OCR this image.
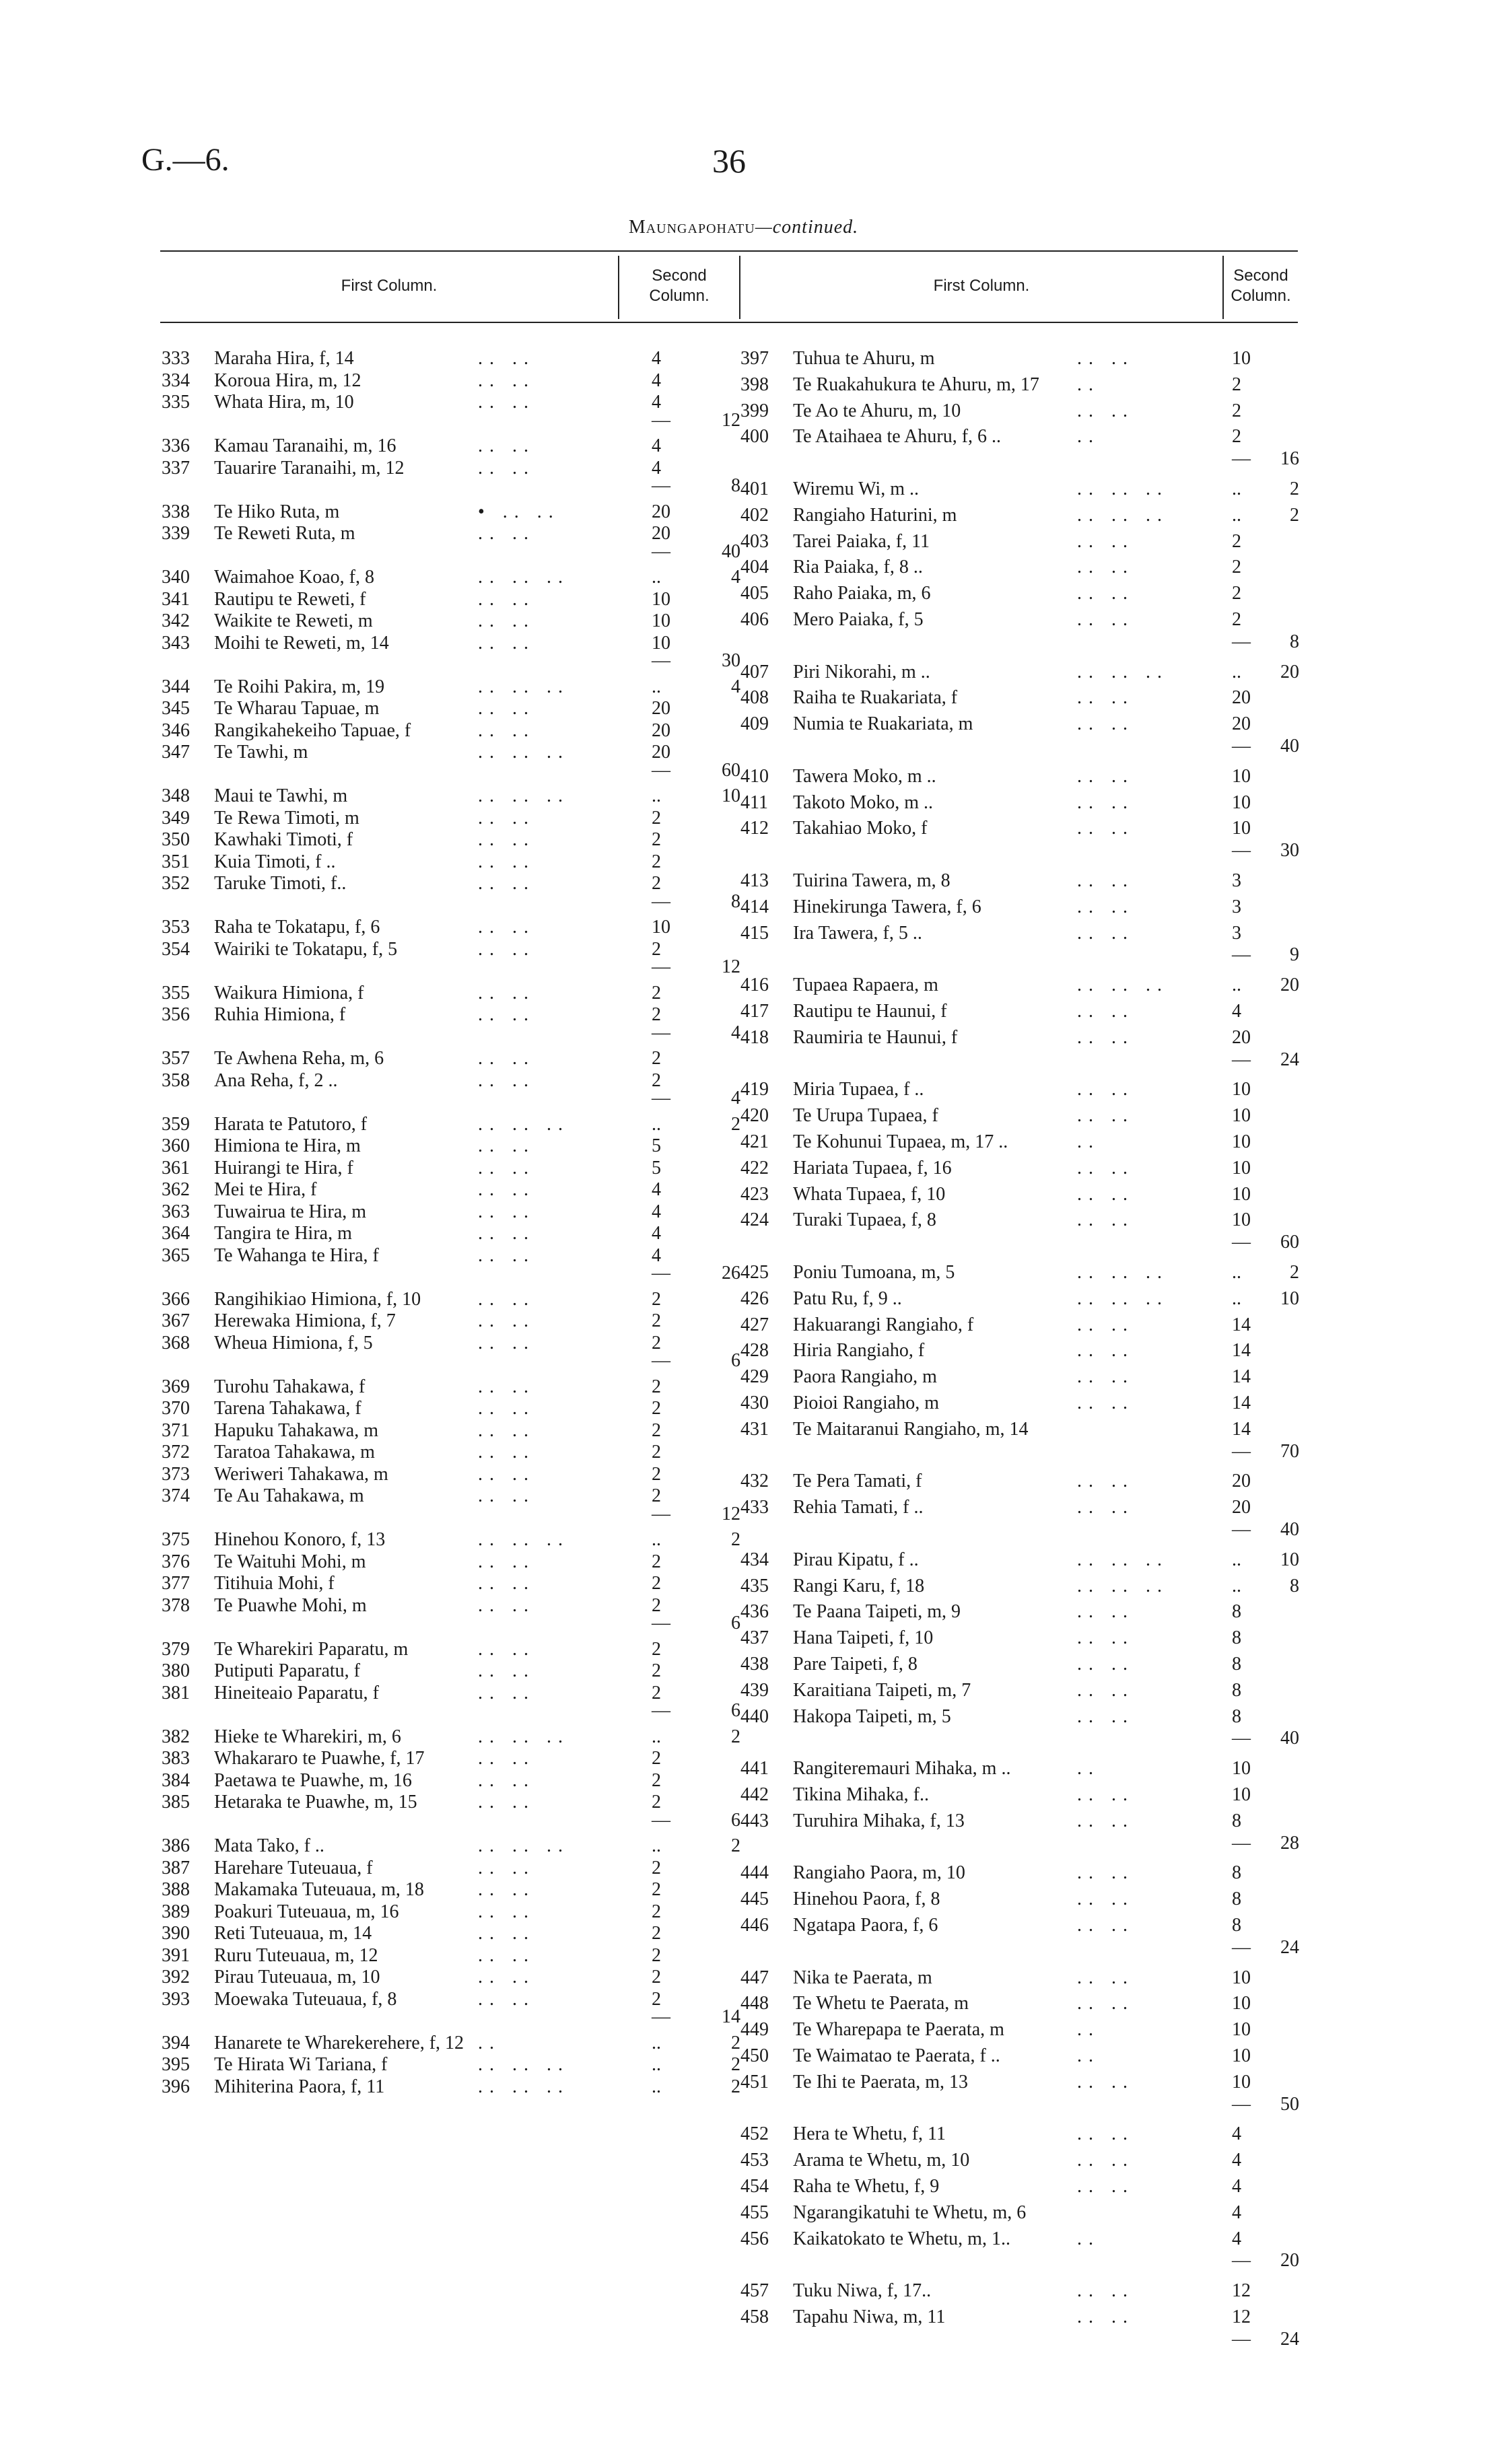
G.—6.	36
Maungapohatu—continued.
First Column.
Second
Column.
First Column.
Second
Column.
333	Maraha Hira, f, 14	.. ..	4
334	Koroua Hira, m, 12	.. ..	4
335	Whata Hira, m, 10	.. ..	4
—	12
336	Kamau Taranaihi, m, 16	.. ..	4
337	Tauarire Taranaihi, m, 12	.. ..	4
—	8
338	Te Hiko Ruta, m	• .. ..	20
339	Te Reweti Ruta, m	.. ..	20
—	40
340	Waimahoe Koao, f, 8	.. .. ..	..	4
341	Rautipu te Reweti, f	.. ..	10
342	Waikite te Reweti, m	.. ..	10
343	Moihi te Reweti, m, 14	.. ..	10
—	30
344	Te Roihi Pakira, m, 19	.. .. ..	..	4
345	Te Wharau Tapuae, m	.. ..	20
346	Rangikahekeiho Tapuae, f	.. ..	20
347	Te Tawhi, m	.. .. ..	20
—	60
348	Maui te Tawhi, m	.. .. ..	..	10
349	Te Rewa Timoti, m	.. ..	2
350	Kawhaki Timoti, f	.. ..	2
351	Kuia Timoti, f ..	.. ..	2
352	Taruke Timoti, f..	.. ..	2
—	8
353	Raha te Tokatapu, f, 6	.. ..	10
354	Wairiki te Tokatapu, f, 5	.. ..	2
—	12
355	Waikura Himiona, f	.. ..	2
356	Ruhia Himiona, f	.. ..	2
—	4
357	Te Awhena Reha, m, 6	.. ..	2
358	Ana Reha, f, 2 ..	.. ..	2
—	4
359	Harata te Patutoro, f	.. .. ..	..	2
360	Himiona te Hira, m	.. ..	5
361	Huirangi te Hira, f	.. ..	5
362	Mei te Hira, f	.. ..	4
363	Tuwairua te Hira, m	.. ..	4
364	Tangira te Hira, m	.. ..	4
365	Te Wahanga te Hira, f	.. ..	4
—	26
366	Rangihikiao Himiona, f, 10	.. ..	2
367	Herewaka Himiona, f, 7	.. ..	2
368	Wheua Himiona, f, 5	.. ..	2
—	6
369	Turohu Tahakawa, f	.. ..	2
370	Tarena Tahakawa, f	.. ..	2
371	Hapuku Tahakawa, m	.. ..	2
372	Taratoa Tahakawa, m	.. ..	2
373	Weriweri Tahakawa, m	.. ..	2
374	Te Au Tahakawa, m	.. ..	2
—	12
375	Hinehou Konoro, f, 13	.. .. ..	..	2
376	Te Waituhi Mohi, m	.. ..	2
377	Titihuia Mohi, f	.. ..	2
378	Te Puawhe Mohi, m	.. ..	2
—	6
379	Te Wharekiri Paparatu, m	.. ..	2
380	Putiputi Paparatu, f	.. ..	2
381	Hineiteaio Paparatu, f	.. ..	2
—	6
382	Hieke te Wharekiri, m, 6	.. .. ..	..	2
383	Whakararo te Puawhe, f, 17	.. ..	2
384	Paetawa te Puawhe, m, 16	.. ..	2
385	Hetaraka te Puawhe, m, 15	.. ..	2
—	6
386	Mata Tako, f ..	.. .. ..	..	2
387	Harehare Tuteuaua, f	.. ..	2
388	Makamaka Tuteuaua, m, 18	.. ..	2
389	Poakuri Tuteuaua, m, 16	.. ..	2
390	Reti Tuteuaua, m, 14	.. ..	2
391	Ruru Tuteuaua, m, 12	.. ..	2
392	Pirau Tuteuaua, m, 10	.. ..	2
393	Moewaka Tuteuaua, f, 8	.. ..	2
—	14
394	Hanarete te Wharekerehere, f, 12 ..	..	2
395	Te Hirata Wi Tariana, f	.. .. ..	..	2
396	Mihiterina Paora, f, 11	.. .. ..	..	2
397	Tuhua te Ahuru, m	.. ..	10
398	Te Ruakahukura te Ahuru, m, 17 ..	2
399	Te Ao te Ahuru, m, 10	.. ..	2
400	Te Ataihaea te Ahuru, f, 6 ..	..	2
—	16
401	Wiremu Wi, m ..	.. .. ..	..	2
402	Rangiaho Haturini, m	.. .. ..	..	2
403	Tarei Paiaka, f, 11	.. ..	2
404	Ria Paiaka, f, 8 ..	.. ..	2
405	Raho Paiaka, m, 6	.. ..	2
406	Mero Paiaka, f, 5	.. ..	2
—	8
407	Piri Nikorahi, m ..	.. .. ..	..	20
408	Raiha te Ruakariata, f	.. ..	20
409	Numia te Ruakariata, m	.. ..	20
—	40
410	Tawera Moko, m ..	.. ..	10
411	Takoto Moko, m ..	.. ..	10
412	Takahiao Moko, f	.. ..	10
—	30
413	Tuirina Tawera, m, 8	.. ..	3
414	Hinekirunga Tawera, f, 6	.. ..	3
415	Ira Tawera, f, 5 ..	.. ..	3
—	9
416	Tupaea Rapaera, m	.. .. ..	..	20
417	Rautipu te Haunui, f	.. ..	4
418	Raumiria te Haunui, f	.. ..	20
—	24
419	Miria Tupaea, f ..	.. ..	10
420	Te Urupa Tupaea, f	.. ..	10
421	Te Kohunui Tupaea, m, 17 ..	..	10
422	Hariata Tupaea, f, 16	.. ..	10
423	Whata Tupaea, f, 10	.. ..	10
424	Turaki Tupaea, f, 8	.. ..	10
—	60
425	Poniu Tumoana, m, 5	.. .. ..	..	2
426	Patu Ru, f, 9 ..	.. .. ..	..	10
427	Hakuarangi Rangiaho, f	.. ..	14
428	Hiria Rangiaho, f	.. ..	14
429	Paora Rangiaho, m	.. ..	14
430	Pioioi Rangiaho, m	.. ..	14
431	Te Maitaranui Rangiaho, m, 14	14
—	70
432	Te Pera Tamati, f	.. ..	20
433	Rehia Tamati, f ..	.. ..	20
—	40
434	Pirau Kipatu, f ..	.. .. ..	..	10
435	Rangi Karu, f, 18	.. .. ..	..	8
436	Te Paana Taipeti, m, 9	.. ..	8
437	Hana Taipeti, f, 10	.. ..	8
438	Pare Taipeti, f, 8	.. ..	8
439	Karaitiana Taipeti, m, 7	.. ..	8
440	Hakopa Taipeti, m, 5	.. ..	8
—	40
441	Rangiteremauri Mihaka, m ..	..	10
442	Tikina Mihaka, f..	.. ..	10
443	Turuhira Mihaka, f, 13	.. ..	8
—	28
444	Rangiaho Paora, m, 10	.. ..	8
445	Hinehou Paora, f, 8	.. ..	8
446	Ngatapa Paora, f, 6	.. ..	8
—	24
447	Nika te Paerata, m	.. ..	10
448	Te Whetu te Paerata, m	.. ..	10
449	Te Wharepapa te Paerata, m	..	10
450	Te Waimatao te Paerata, f ..	..	10
451	Te Ihi te Paerata, m, 13	.. ..	10
—	50
452	Hera te Whetu, f, 11	.. ..	4
453	Arama te Whetu, m, 10	.. ..	4
454	Raha te Whetu, f, 9	.. ..	4
455	Ngarangikatuhi te Whetu, m, 6	4
456	Kaikatokato te Whetu, m, 1..	..	4
—	20
457	Tuku Niwa, f, 17..	.. ..	12
458	Tapahu Niwa, m, 11	.. ..	12
—	24
